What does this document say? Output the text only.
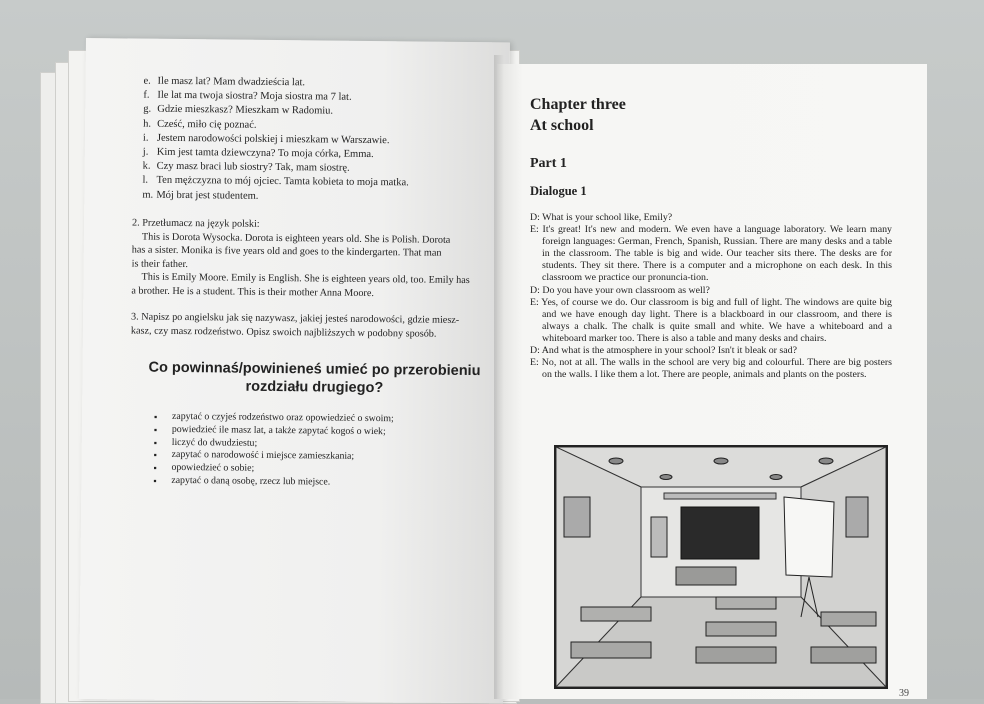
e. Ile masz lat? Mam dwadzieścia lat.
f. Ile lat ma twoja siostra? Moja siostra ma 7 lat.
g. Gdzie mieszkasz? Mieszkam w Radomiu.
h. Cześć, miło cię poznać.
i. Jestem narodowości polskiej i mieszkam w Warszawie.
j. Kim jest tamta dziewczyna? To moja córka, Emma.
k. Czy masz braci lub siostry? Tak, mam siostrę.
l. Ten mężczyzna to mój ojciec. Tamta kobieta to moja matka.
m. Mój brat jest studentem.
2. Przetłumacz na język polski:
This is Dorota Wysocka. Dorota is eighteen years old. She is Polish. Dorota
has a sister. Monika is five years old and goes to the kindergarten. That man
is their father.
This is Emily Moore. Emily is English. She is eighteen years old, too. Emily has
a brother. He is a student. This is their mother Anna Moore.
3. Napisz po angielsku jak się nazywasz, jakiej jesteś narodowości, gdzie miesz-
kasz, czy masz rodzeństwo. Opisz swoich najbliższych w podobny sposób.
Co powinnaś/powinieneś umieć po przerobieniu
rozdziału drugiego?
▪ zapytać o czyjeś rodzeństwo oraz opowiedzieć o swoim;
▪ powiedzieć ile masz lat, a także zapytać kogoś o wiek;
▪ liczyć do dwudziestu;
▪ zapytać o narodowość i miejsce zamieszkania;
▪ opowiedzieć o sobie;
▪ zapytać o daną osobę, rzecz lub miejsce.
Chapter three
At school
Part 1
Dialogue 1
D: What is your school like, Emily?
E: It's great! It's new and modern. We even have a language laboratory. We learn many foreign languages: German, French, Spanish, Russian. There are many desks and a table in the classroom. The table is big and wide. Our teacher sits there. The desks are for students. They sit there. There is a computer and a microphone on each desk. In this classroom we practice our pronuncia-tion.
D: Do you have your own classroom as well?
E: Yes, of course we do. Our classroom is big and full of light. The windows are quite big and we have enough day light. There is a blackboard in our classroom, and there is always a chalk. The chalk is quite small and white. We have a whiteboard and a whiteboard marker too. There is also a table and many desks and chairs.
D: And what is the atmosphere in your school? Isn't it bleak or sad?
E: No, not at all. The walls in the school are very big and colourful. There are big posters on the walls. I like them a lot. There are people, animals and plants on the posters.
39
